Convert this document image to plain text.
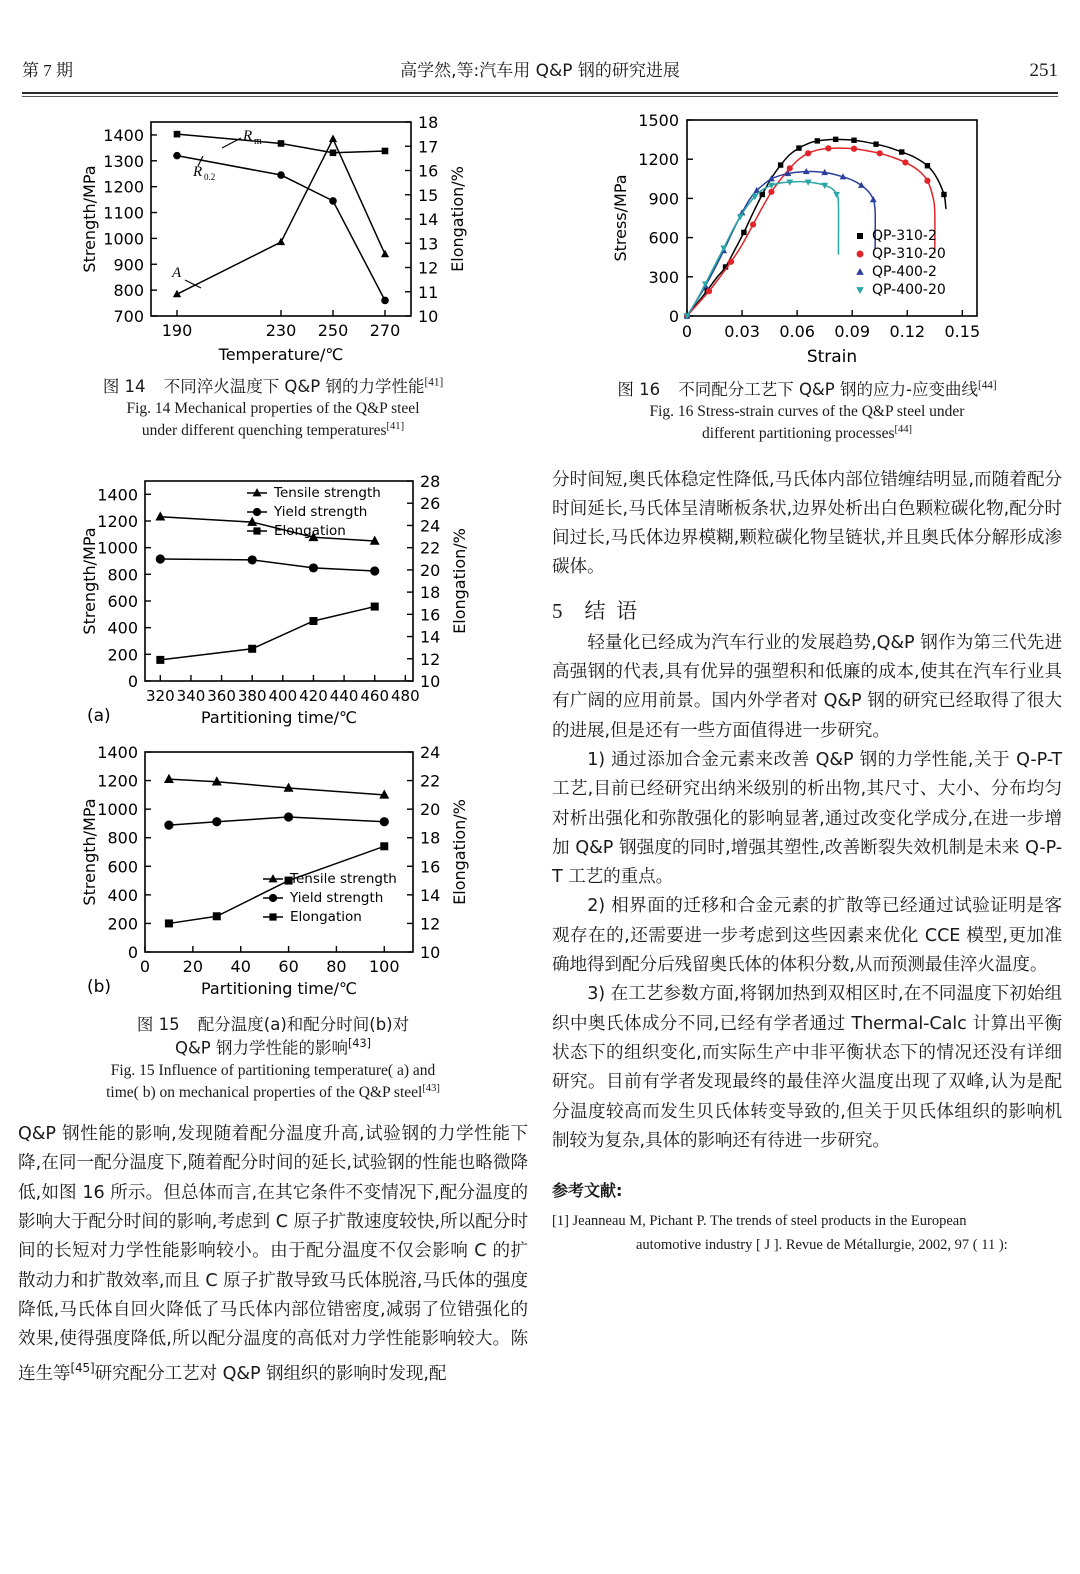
第 7 期	高学然,等:汽车用 Q&P 钢的研究进展	251
700
800
900
1000
1100
1200
1300
1400
10
11
12
13
14
15
16
17
18
190	230 250 270
Strength/MPa	Elongation/%
Temperature/℃
R m
R 0.2
A
图 14 不同淬火温度下 Q&P 钢的力学性能[41]
Fig. 14 Mechanical properties of the Q&P steel
under different quenching temperatures[41]
0
200
400
600
800
1000
1200
1400
10
12
14
16
18
20
22
24
26
28
320 340 360 380 400 420 440 460 480
Strength/MPa	Elongation/%
Partitioning time/℃
(a)
Tensile strength
Yield strength
Elongation
0
200
400
600
800
1000
1200
1400
10
12
14
16
18
20
22
24
0 20 40 60 80 100
Strength/MPa	Elongation/%
Partitioning time/℃
(b)
Tensile strength
Yield strength
Elongation
图 15 配分温度(a)和配分时间(b)对
Q&P 钢力学性能的影响[43]
Fig. 15 Influence of partitioning temperature( a) and
time( b) on mechanical properties of the Q&P steel[43]

Q&P 钢性能的影响,发现随着配分温度升高,试验钢的力学性能下降,在同一配分温度下,随着配分时间的延长,试验钢的性能也略微降低,如图 16 所示。但总体而言,在其它条件不变情况下,配分温度的影响大于配分时间的影响,考虑到 C 原子扩散速度较快,所以配分时间的长短对力学性能影响较小。由于配分温度不仅会影响 C 的扩散动力和扩散效率,而且 C 原子扩散导致马氏体脱溶,马氏体的强度降低,马氏体自回火降低了马氏体内部位错密度,减弱了位错强化的效果,使得强度降低,所以配分温度的高低对力学性能影响较大。陈连生等[45]研究配分工艺对 Q&P 钢组织的影响时发现,配

0
300
600
900
1200
1500
0 0.03 0.06 0.09 0.12 0.15
Stress/MPa
Strain
QP-310-2
QP-310-20
QP-400-2
QP-400-20
图 16 不同配分工艺下 Q&P 钢的应力-应变曲线[44]
Fig. 16 Stress-strain curves of the Q&P steel under
different partitioning processes[44]

分时间短,奥氏体稳定性降低,马氏体内部位错缠结明显,而随着配分时间延长,马氏体呈清晰板条状,边界处析出白色颗粒碳化物,配分时间过长,马氏体边界模糊,颗粒碳化物呈链状,并且奥氏体分解形成渗碳体。

5 结 语

轻量化已经成为汽车行业的发展趋势,Q&P 钢作为第三代先进高强钢的代表,具有优异的强塑积和低廉的成本,使其在汽车行业具有广阔的应用前景。国内外学者对 Q&P 钢的研究已经取得了很大的进展,但是还有一些方面值得进一步研究。

1) 通过添加合金元素来改善 Q&P 钢的力学性能,关于 Q-P-T 工艺,目前已经研究出纳米级别的析出物,其尺寸、大小、分布均匀对析出强化和弥散强化的影响显著,通过改变化学成分,在进一步增加 Q&P 钢强度的同时,增强其塑性,改善断裂失效机制是未来 Q-P-T 工艺的重点。

2) 相界面的迁移和合金元素的扩散等已经通过试验证明是客观存在的,还需要进一步考虑到这些因素来优化 CCE 模型,更加准确地得到配分后残留奥氏体的体积分数,从而预测最佳淬火温度。

3) 在工艺参数方面,将钢加热到双相区时,在不同温度下初始组织中奥氏体成分不同,已经有学者通过 Thermal-Calc 计算出平衡状态下的组织变化,而实际生产中非平衡状态下的情况还没有详细研究。目前有学者发现最终的最佳淬火温度出现了双峰,认为是配分温度较高而发生贝氏体转变导致的,但关于贝氏体组织的影响机制较为复杂,具体的影响还有待进一步研究。

参考文献:
[1] Jeanneau M, Pichant P. The trends of steel products in the European
automotive industry [ J ]. Revue de Métallurgie, 2002, 97 ( 11 ):
